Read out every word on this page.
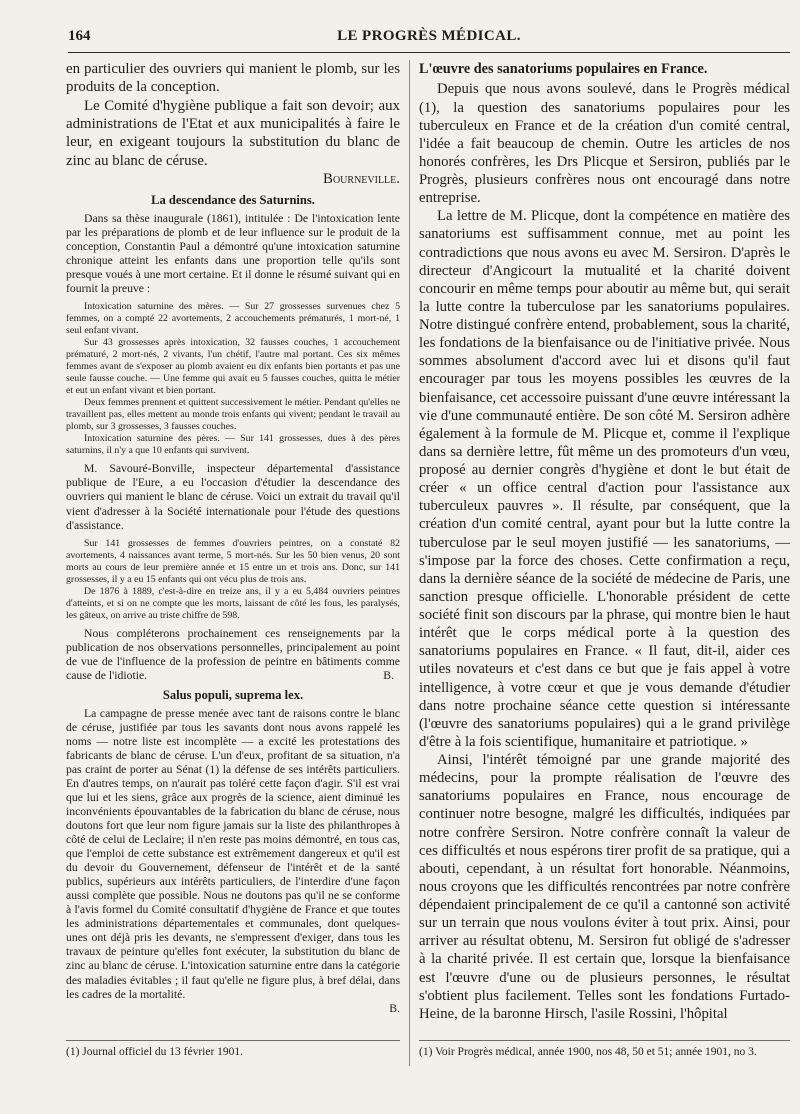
164	LE PROGRÈS MÉDICAL.

en particulier des ouvriers qui manient le plomb, sur les produits de la conception.

Le Comité d'hygiène publique a fait son devoir; aux administrations de l'Etat et aux municipalités à faire le leur, en exigeant toujours la substitution du blanc de zinc au blanc de céruse.

Bourneville.
La descendance des Saturnins.

Dans sa thèse inaugurale (1861), intitulée : De l'intoxication lente par les préparations de plomb et de leur influence sur le produit de la conception, Constantin Paul a démontré qu'une intoxication saturnine chronique atteint les enfants dans une proportion telle qu'ils sont presque voués à une mort certaine. Et il donne le résumé suivant qui en fournit la preuve :

Intoxication saturnine des mères. — Sur 27 grossesses survenues chez 5 femmes, on a compté 22 avortements, 2 accouchements prématurés, 1 mort-né, 1 seul enfant vivant.

Sur 43 grossesses après intoxication, 32 fausses couches, 1 accouchement prématuré, 2 mort-nés, 2 vivants, l'un chétif, l'autre mal portant. Ces six mêmes femmes avant de s'exposer au plomb avaient eu dix enfants bien portants et pas une seule fausse couche. — Une femme qui avait eu 5 fausses couches, quitta le métier et eut un enfant vivant et bien portant.

Deux femmes prennent et quittent successivement le métier. Pendant qu'elles ne travaillent pas, elles mettent au monde trois enfants qui vivent; pendant le travail au plomb, sur 3 grossesses, 3 fausses couches.

Intoxication saturnine des pères. — Sur 141 grossesses, dues à des pères saturnins, il n'y a que 10 enfants qui survivent.

M. Savouré-Bonville, inspecteur départemental d'assistance publique de l'Eure, a eu l'occasion d'étudier la descendance des ouvriers qui manient le blanc de céruse. Voici un extrait du travail qu'il vient d'adresser à la Société internationale pour l'étude des questions d'assistance.

Sur 141 grossesses de femmes d'ouvriers peintres, on a constaté 82 avortements, 4 naissances avant terme, 5 mort-nés. Sur les 50 bien venus, 20 sont morts au cours de leur première année et 15 entre un et trois ans. Donc, sur 141 grossesses, il y a eu 15 enfants qui ont vécu plus de trois ans.

De 1876 à 1889, c'est-à-dire en treize ans, il y a eu 5,484 ouvriers peintres d'atteints, et si on ne compte que les morts, laissant de côté les fous, les paralysés, les gâteux, on arrive au triste chiffre de 598.

Nous compléterons prochainement ces renseignements par la publication de nos observations personnelles, principalement au point de vue de l'influence de la profession de peintre en bâtiments comme cause de l'idiotie.	B.

Salus populi, suprema lex.

La campagne de presse menée avec tant de raisons contre le blanc de céruse, justifiée par tous les savants dont nous avons rappelé les noms — notre liste est incomplète — a excité les protestations des fabricants de blanc de céruse. L'un d'eux, profitant de sa situation, n'a pas craint de porter au Sénat (1) la défense de ses intérêts particuliers. En d'autres temps, on n'aurait pas toléré cette façon d'agir. S'il est vrai que lui et les siens, grâce aux progrès de la science, aient diminué les inconvénients épouvantables de la fabrication du blanc de céruse, nous doutons fort que leur nom figure jamais sur la liste des philanthropes à côté de celui de Leclaire; il n'en reste pas moins démontré, en tous cas, que l'emploi de cette substance est extrêmement dangereux et qu'il est du devoir du Gouvernement, défenseur de l'intérêt et de la santé publics, supérieurs aux intérêts particuliers, de l'interdire d'une façon aussi complète que possible. Nous ne doutons pas qu'il ne se conforme à l'avis formel du Comité consultatif d'hygiène de France et que toutes les administrations départementales et communales, dont quelques-unes ont déjà pris les devants, ne s'empressent d'exiger, dans tous les travaux de peinture qu'elles font exécuter, la substitution du blanc de zinc au blanc de céruse. L'intoxication saturnine entre dans la catégorie des maladies évitables ; il faut qu'elle ne figure plus, à bref délai, dans les cadres de la mortalité.

B.
L'œuvre des sanatoriums populaires en France.

Depuis que nous avons soulevé, dans le Progrès médical (1), la question des sanatoriums populaires pour les tuberculeux en France et de la création d'un comité central, l'idée a fait beaucoup de chemin. Outre les articles de nos honorés confrères, les Drs Plicque et Sersiron, publiés par le Progrès, plusieurs confrères nous ont encouragé dans notre entreprise.

La lettre de M. Plicque, dont la compétence en matière des sanatoriums est suffisamment connue, met au point les contradictions que nous avons eu avec M. Sersiron. D'après le directeur d'Angicourt la mutualité et la charité doivent concourir en même temps pour aboutir au même but, qui serait la lutte contre la tuberculose par les sanatoriums populaires. Notre distingué confrère entend, probablement, sous la charité, les fondations de la bienfaisance ou de l'initiative privée. Nous sommes absolument d'accord avec lui et disons qu'il faut encourager par tous les moyens possibles les œuvres de la bienfaisance, cet accessoire puissant d'une œuvre intéressant la vie d'une communauté entière. De son côté M. Sersiron adhère également à la formule de M. Plicque et, comme il l'explique dans sa dernière lettre, fût même un des promoteurs d'un vœu, proposé au dernier congrès d'hygiène et dont le but était de créer « un office central d'action pour l'assistance aux tuberculeux pauvres ». Il résulte, par conséquent, que la création d'un comité central, ayant pour but la lutte contre la tuberculose par le seul moyen justifié — les sanatoriums, — s'impose par la force des choses. Cette confirmation a reçu, dans la dernière séance de la société de médecine de Paris, une sanction presque officielle. L'honorable président de cette société finit son discours par la phrase, qui montre bien le haut intérêt que le corps médical porte à la question des sanatoriums populaires en France. « Il faut, dit-il, aider ces utiles novateurs et c'est dans ce but que je fais appel à votre intelligence, à votre cœur et que je vous demande d'étudier dans notre prochaine séance cette question si intéressante (l'œuvre des sanatoriums populaires) qui a le grand privilège d'être à la fois scientifique, humanitaire et patriotique. »

Ainsi, l'intérêt témoigné par une grande majorité des médecins, pour la prompte réalisation de l'œuvre des sanatoriums populaires en France, nous encourage de continuer notre besogne, malgré les difficultés, indiquées par notre confrère Sersiron. Notre confrère connaît la valeur de ces difficultés et nous espérons tirer profit de sa pratique, qui a abouti, cependant, à un résultat fort honorable. Néanmoins, nous croyons que les difficultés rencontrées par notre confrère dépendaient principalement de ce qu'il a cantonné son activité sur un terrain que nous voulons éviter à tout prix. Ainsi, pour arriver au résultat obtenu, M. Sersiron fut obligé de s'adresser à la charité privée. Il est certain que, lorsque la bienfaisance est l'œuvre d'une ou de plusieurs personnes, le résultat s'obtient plus facilement. Telles sont les fondations Furtado-Heine, de la baronne Hirsch, l'asile Rossini, l'hôpital

(1) Journal officiel du 13 février 1901.	(1) Voir Progrès médical, année 1900, nos 48, 50 et 51; année 1901, no 3.
